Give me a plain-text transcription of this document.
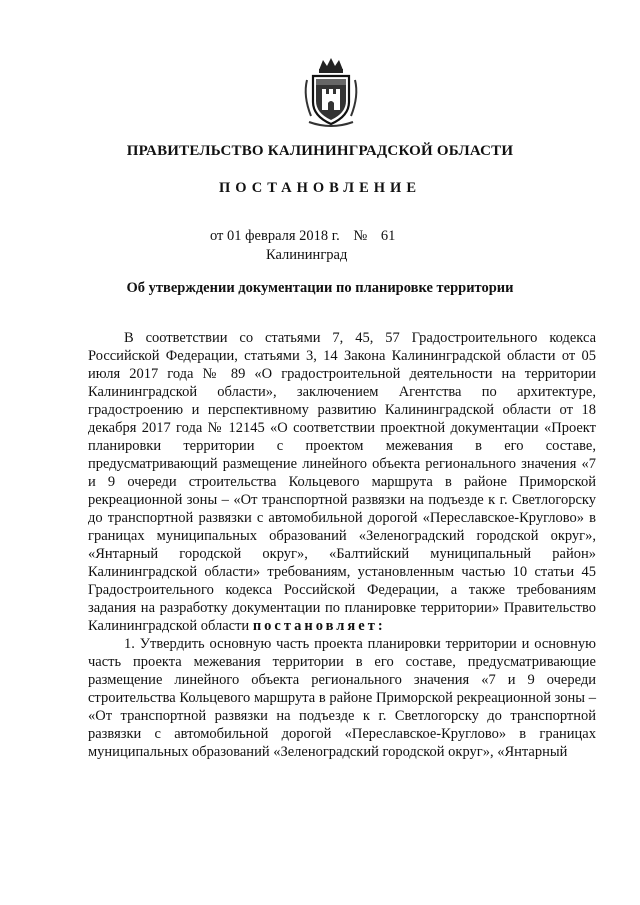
ПРАВИТЕЛЬСТВО КАЛИНИНГРАДСКОЙ ОБЛАСТИ
ПОСТАНОВЛЕНИЕ
от 01 февраля 2018 г. № 61
Калининград
Об утверждении документации по планировке территории

В соответствии со статьями 7, 45, 57 Градостроительного кодекса Российской Федерации, статьями 3, 14 Закона Калининградской области от 05 июля 2017 года № 89 «О градостроительной деятельности на территории Калининградской области», заключением Агентства по архитектуре, градостроению и перспективному развитию Калининградской области от 18 декабря 2017 года № 12145 «О соответствии проектной документации «Проект планировки территории с проектом межевания в его составе, предусматривающий размещение линейного объекта регионального значения «7 и 9 очереди строительства Кольцевого маршрута в районе Приморской рекреационной зоны – «От транспортной развязки на подъезде к г. Светлогорску до транспортной развязки с автомобильной дорогой «Переславское-Круглово» в границах муниципальных образований «Зеленоградский городской округ», «Янтарный городской округ», «Балтийский муниципальный район» Калининградской области» требованиям, установленным частью 10 статьи 45 Градостроительного кодекса Российской Федерации, а также требованиям задания на разработку документации по планировке территории» Правительство Калининградской области постановляет:

1. Утвердить основную часть проекта планировки территории и основную часть проекта межевания территории в его составе, предусматривающие размещение линейного объекта регионального значения «7 и 9 очереди строительства Кольцевого маршрута в районе Приморской рекреационной зоны – «От транспортной развязки на подъезде к г. Светлогорску до транспортной развязки с автомобильной дорогой «Переславское-Круглово» в границах муниципальных образований «Зеленоградский городской округ», «Янтарный
